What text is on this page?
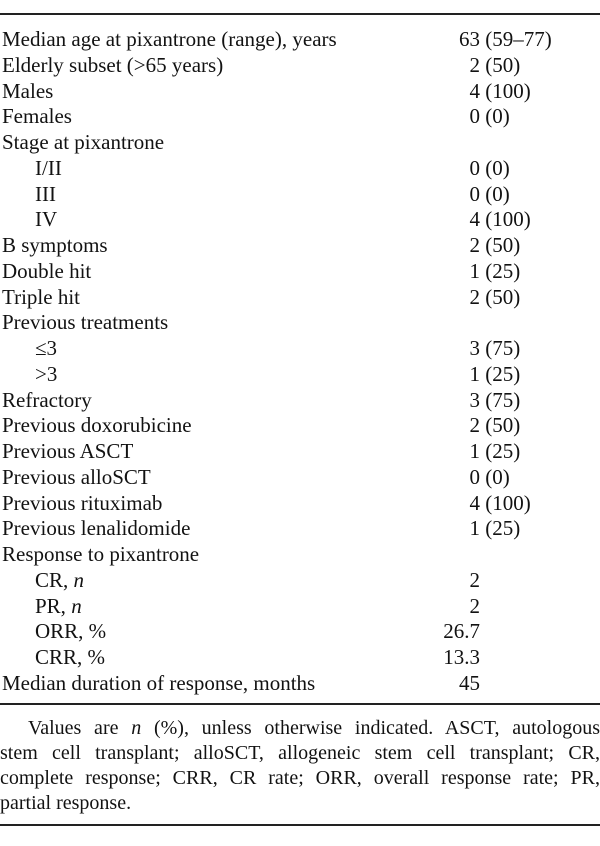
Median age at pixantrone (range), years	63 (59–77)
Elderly subset (>65 years)	2 (50)
Males	4 (100)
Females	0 (0)
Stage at pixantrone
I/II	0 (0)
III	0 (0)
IV	4 (100)
B symptoms	2 (50)
Double hit	1 (25)
Triple hit	2 (50)
Previous treatments
≤3	3 (75)
>3	1 (25)
Refractory	3 (75)
Previous doxorubicine	2 (50)
Previous ASCT	1 (25)
Previous alloSCT	0 (0)
Previous rituximab	4 (100)
Previous lenalidomide	1 (25)
Response to pixantrone
CR, n	2
PR, n	2
ORR, %	26.7
CRR, %	13.3
Median duration of response, months	45
Values are n (%), unless otherwise indicated. ASCT, autologous
stem cell transplant; alloSCT, allogeneic stem cell transplant; CR,
complete response; CRR, CR rate; ORR, overall response rate; PR,
partial response.
